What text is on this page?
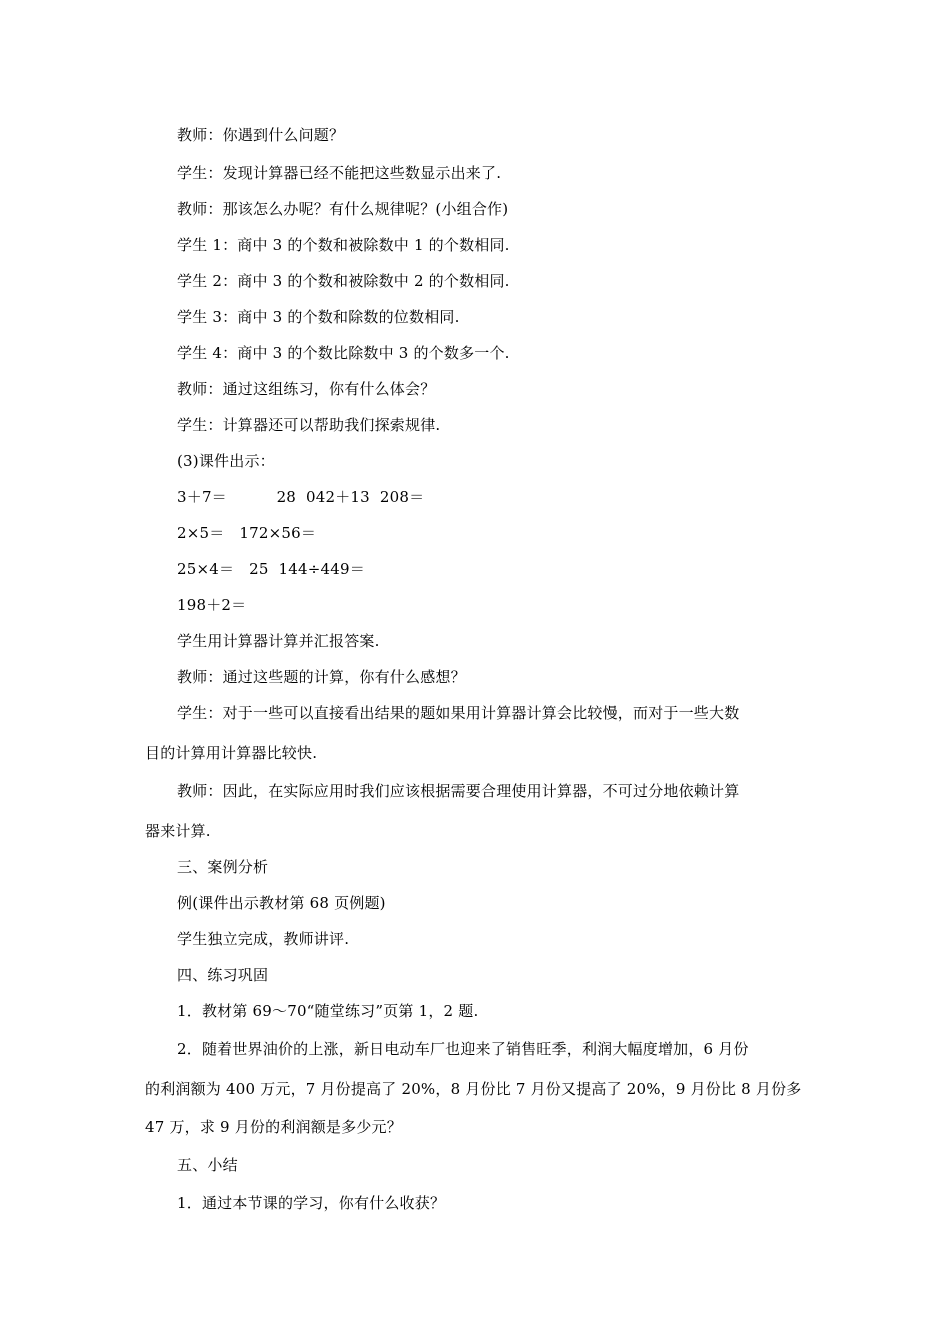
教师：你遇到什么问题？
学生：发现计算器已经不能把这些数显示出来了.
教师：那该怎么办呢？有什么规律呢？(小组合作)
学生 1：商中 3 的个数和被除数中 1 的个数相同.
学生 2：商中 3 的个数和被除数中 2 的个数相同.
学生 3：商中 3 的个数和除数的位数相同.
学生 4：商中 3 的个数比除数中 3 的个数多一个.
教师：通过这组练习，你有什么体会？
学生：计算器还可以帮助我们探索规律.
(3)课件出示：
3＋7＝          28  042＋13  208＝
2×5＝   172×56＝
25×4＝   25  144÷449＝
198＋2＝
学生用计算器计算并汇报答案.
教师：通过这些题的计算，你有什么感想？
学生：对于一些可以直接看出结果的题如果用计算器计算会比较慢，而对于一些大数
目的计算用计算器比较快.
教师：因此，在实际应用时我们应该根据需要合理使用计算器，不可过分地依赖计算
器来计算.
三、案例分析
例(课件出示教材第 68 页例题)
学生独立完成，教师讲评.
四、练习巩固
1．教材第 69～70“随堂练习”页第 1，2 题.
2．随着世界油价的上涨，新日电动车厂也迎来了销售旺季，利润大幅度增加，6 月份
的利润额为 400 万元，7 月份提高了 20%，8 月份比 7 月份又提高了 20%，9 月份比 8 月份多
47 万，求 9 月份的利润额是多少元？
五、小结
1．通过本节课的学习，你有什么收获？
